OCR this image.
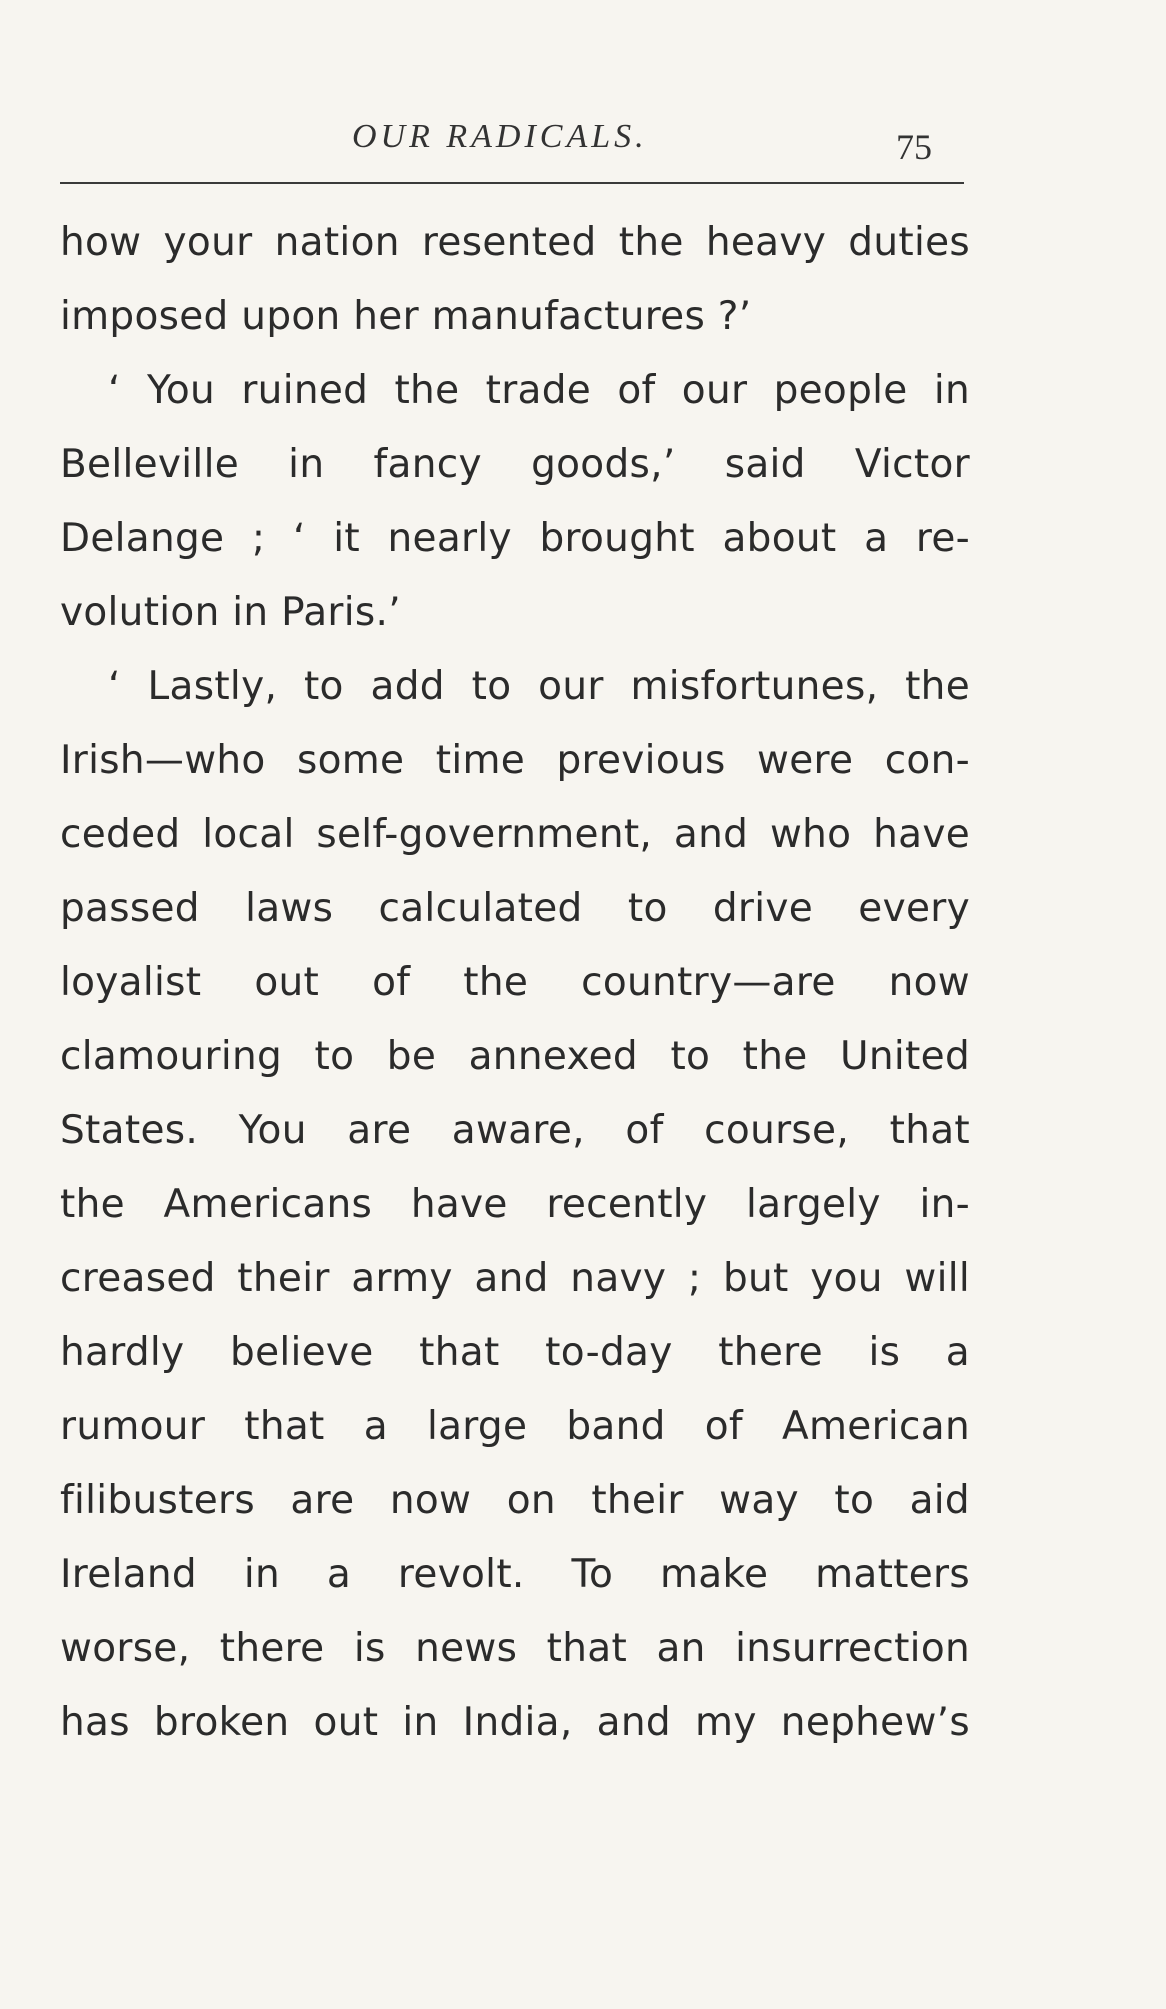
OUR RADICALS.	75
how your nation resented the heavy duties
imposed upon her manufactures ?’
‘ You ruined the trade of our people in
Belleville in fancy goods,’ said Victor
Delange ; ‘ it nearly brought about a re-
volution in Paris.’
‘ Lastly, to add to our misfortunes, the
Irish—who some time previous were con-
ceded local self-government, and who have
passed laws calculated to drive every
loyalist out of the country—are now
clamouring to be annexed to the United
States. You are aware, of course, that
the Americans have recently largely in-
creased their army and navy ; but you will
hardly believe that to-day there is a
rumour that a large band of American
filibusters are now on their way to aid
Ireland in a revolt. To make matters
worse, there is news that an insurrection
has broken out in India, and my nephew’s
